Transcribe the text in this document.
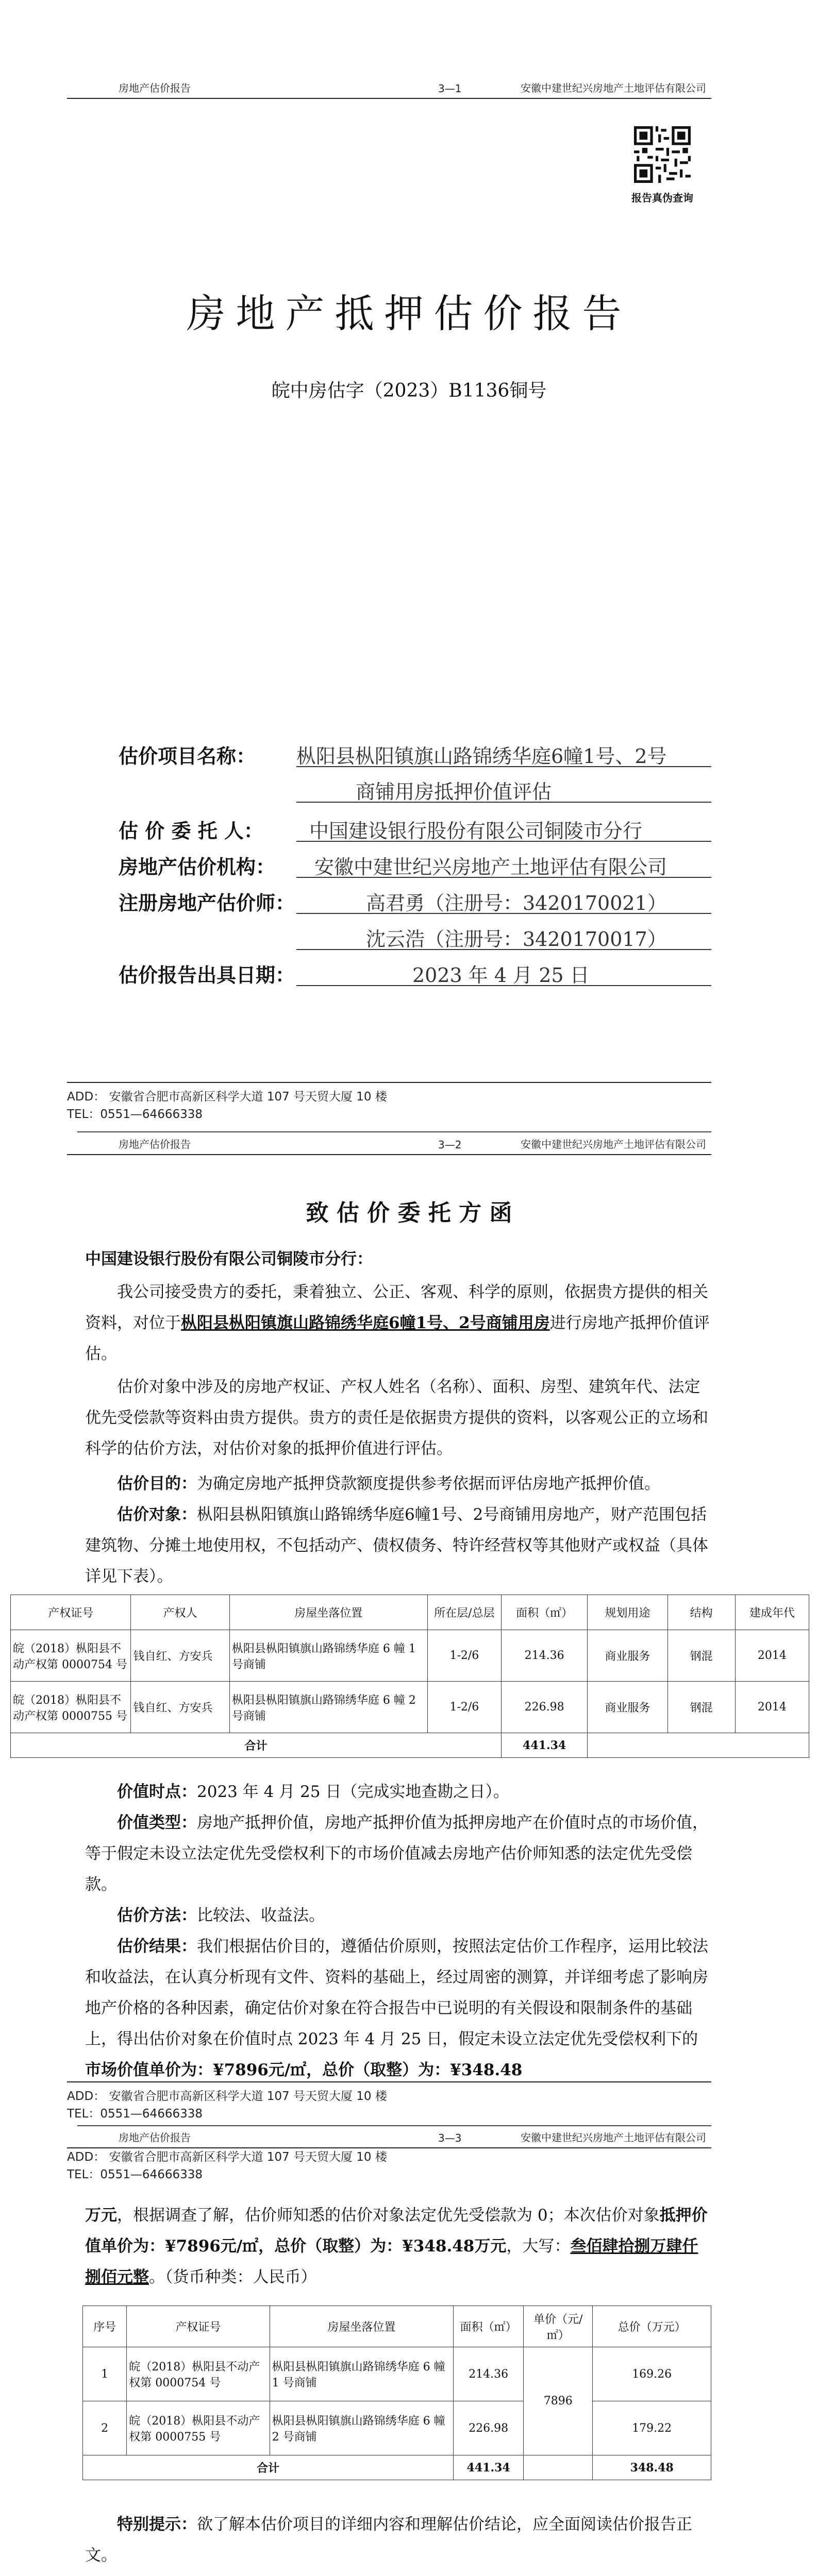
房地产估价报告	3—1	安徽中建世纪兴房地产土地评估有限公司
报告真伪查询
房地产抵押估价报告
皖中房估字（2023）B1136铜号
估价项目名称： 枞阳县枞阳镇旗山路锦绣华庭6幢1号、2号
商铺用房抵押价值评估
估 价 委 托 人： 中国建设银行股份有限公司铜陵市分行
房地产估价机构： 安徽中建世纪兴房地产土地评估有限公司
注册房地产估价师：	高君勇（注册号：3420170021）
沈云浩（注册号：3420170017）
估价报告出具日期：	2023 年 4 月 25 日
ADD： 安徽省合肥市高新区科学大道 107 号天贸大厦 10 楼
TEL：0551—64666338
房地产估价报告	3—2	安徽中建世纪兴房地产土地评估有限公司
致 估 价 委 托 方 函
中国建设银行股份有限公司铜陵市分行：
我公司接受贵方的委托，秉着独立、公正、客观、科学的原则，依据贵方提供的相关资料，对位于枞阳县枞阳镇旗山路锦绣华庭6幢1号、2号商铺用房进行房地产抵押价值评估。
估价对象中涉及的房地产权证、产权人姓名（名称）、面积、房型、建筑年代、法定优先受偿款等资料由贵方提供。贵方的责任是依据贵方提供的资料，以客观公正的立场和科学的估价方法，对估价对象的抵押价值进行评估。
估价目的：为确定房地产抵押贷款额度提供参考依据而评估房地产抵押价值。
估价对象：枞阳县枞阳镇旗山路锦绣华庭6幢1号、2号商铺用房地产，财产范围包括建筑物、分摊土地使用权，不包括动产、债权债务、特许经营权等其他财产或权益（具体详见下表）。
产权证号	产权人	房屋坐落位置	所在层/总层	面积（㎡）	规划用途	结构	建成年代
皖（2018）枞阳县不动产权第 0000754 号	钱自红、方安兵	枞阳县枞阳镇旗山路锦绣华庭 6 幢 1 号商铺	1-2/6	214.36	商业服务	钢混	2014
皖（2018）枞阳县不动产权第 0000755 号	钱自红、方安兵	枞阳县枞阳镇旗山路锦绣华庭 6 幢 2 号商铺	1-2/6	226.98	商业服务	钢混	2014
合计				441.34			
价值时点：2023 年 4 月 25 日（完成实地查勘之日）。
价值类型：房地产抵押价值，房地产抵押价值为抵押房地产在价值时点的市场价值，等于假定未设立法定优先受偿权利下的市场价值减去房地产估价师知悉的法定优先受偿款。
估价方法：比较法、收益法。
估价结果：我们根据估价目的，遵循估价原则，按照法定估价工作程序，运用比较法和收益法，在认真分析现有文件、资料的基础上，经过周密的测算，并详细考虑了影响房地产价格的各种因素，确定估价对象在符合报告中已说明的有关假设和限制条件的基础上，得出估价对象在价值时点 2023 年 4 月 25 日，假定未设立法定优先受偿权利下的市场价值单价为：¥7896元/㎡，总价（取整）为：¥348.48
ADD： 安徽省合肥市高新区科学大道 107 号天贸大厦 10 楼
TEL：0551—64666338
房地产估价报告	3—3	安徽中建世纪兴房地产土地评估有限公司
ADD： 安徽省合肥市高新区科学大道 107 号天贸大厦 10 楼
TEL：0551—64666338
万元，根据调查了解，估价师知悉的估价对象法定优先受偿款为 0；本次估价对象抵押价值单价为：¥7896元/㎡，总价（取整）为：¥348.48万元，大写：叁佰肆拾捌万肆仟捌佰元整。（货币种类：人民币）
序号	产权证号	房屋坐落位置	面积（㎡）	单价（元/㎡）	总价（万元）
1	皖（2018）枞阳县不动产权第 0000754 号	枞阳县枞阳镇旗山路锦绣华庭 6 幢 1 号商铺	214.36	7896	169.26
2	皖（2018）枞阳县不动产权第 0000755 号	枞阳县枞阳镇旗山路锦绣华庭 6 幢 2 号商铺	226.98		179.22
合计			441.34		348.48
特别提示：欲了解本估价项目的详细内容和理解估价结论，应全面阅读估价报告正文。
